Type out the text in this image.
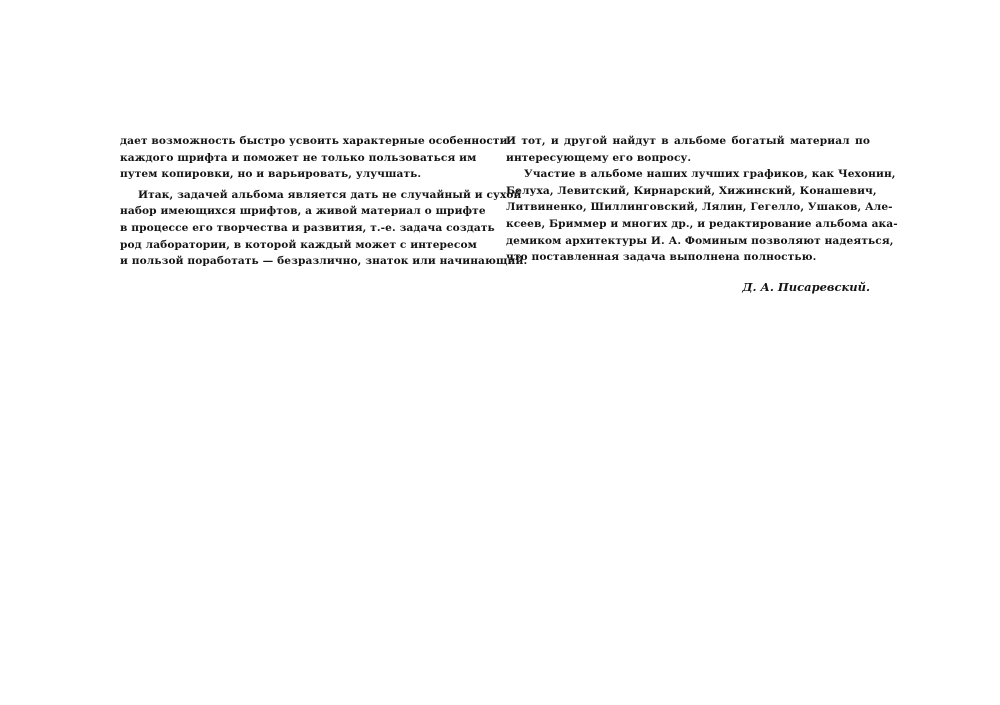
дает возможность быстро усвоить характерные особенности
каждого шрифта и поможет не только пользоваться им
путем копировки, но и варьировать, улучшать.
Итак, задачей альбома является дать не случайный и сухой
набор имеющихся шрифтов, а живой материал о шрифте
в процессе его творчества и развития, т.-е. задача создать
род лаборатории, в которой каждый может с интересом
и пользой поработать — безразлично, знаток или начинающий.
И тот, и другой найдут в альбоме богатый материал по
интересующему его вопросу.
Участие в альбоме наших лучших графиков, как Чехонин,
Белуха, Левитский, Кирнарский, Хижинский, Конашевич,
Литвиненко, Шиллинговский, Лялин, Гегелло, Ушаков, Але-
ксеев, Бриммер и многих др., и редактирование альбома ака-
демиком архитектуры И. А. Фоминым позволяют надеяться,
что поставленная задача выполнена полностью.
Д. А. Писаревский.
